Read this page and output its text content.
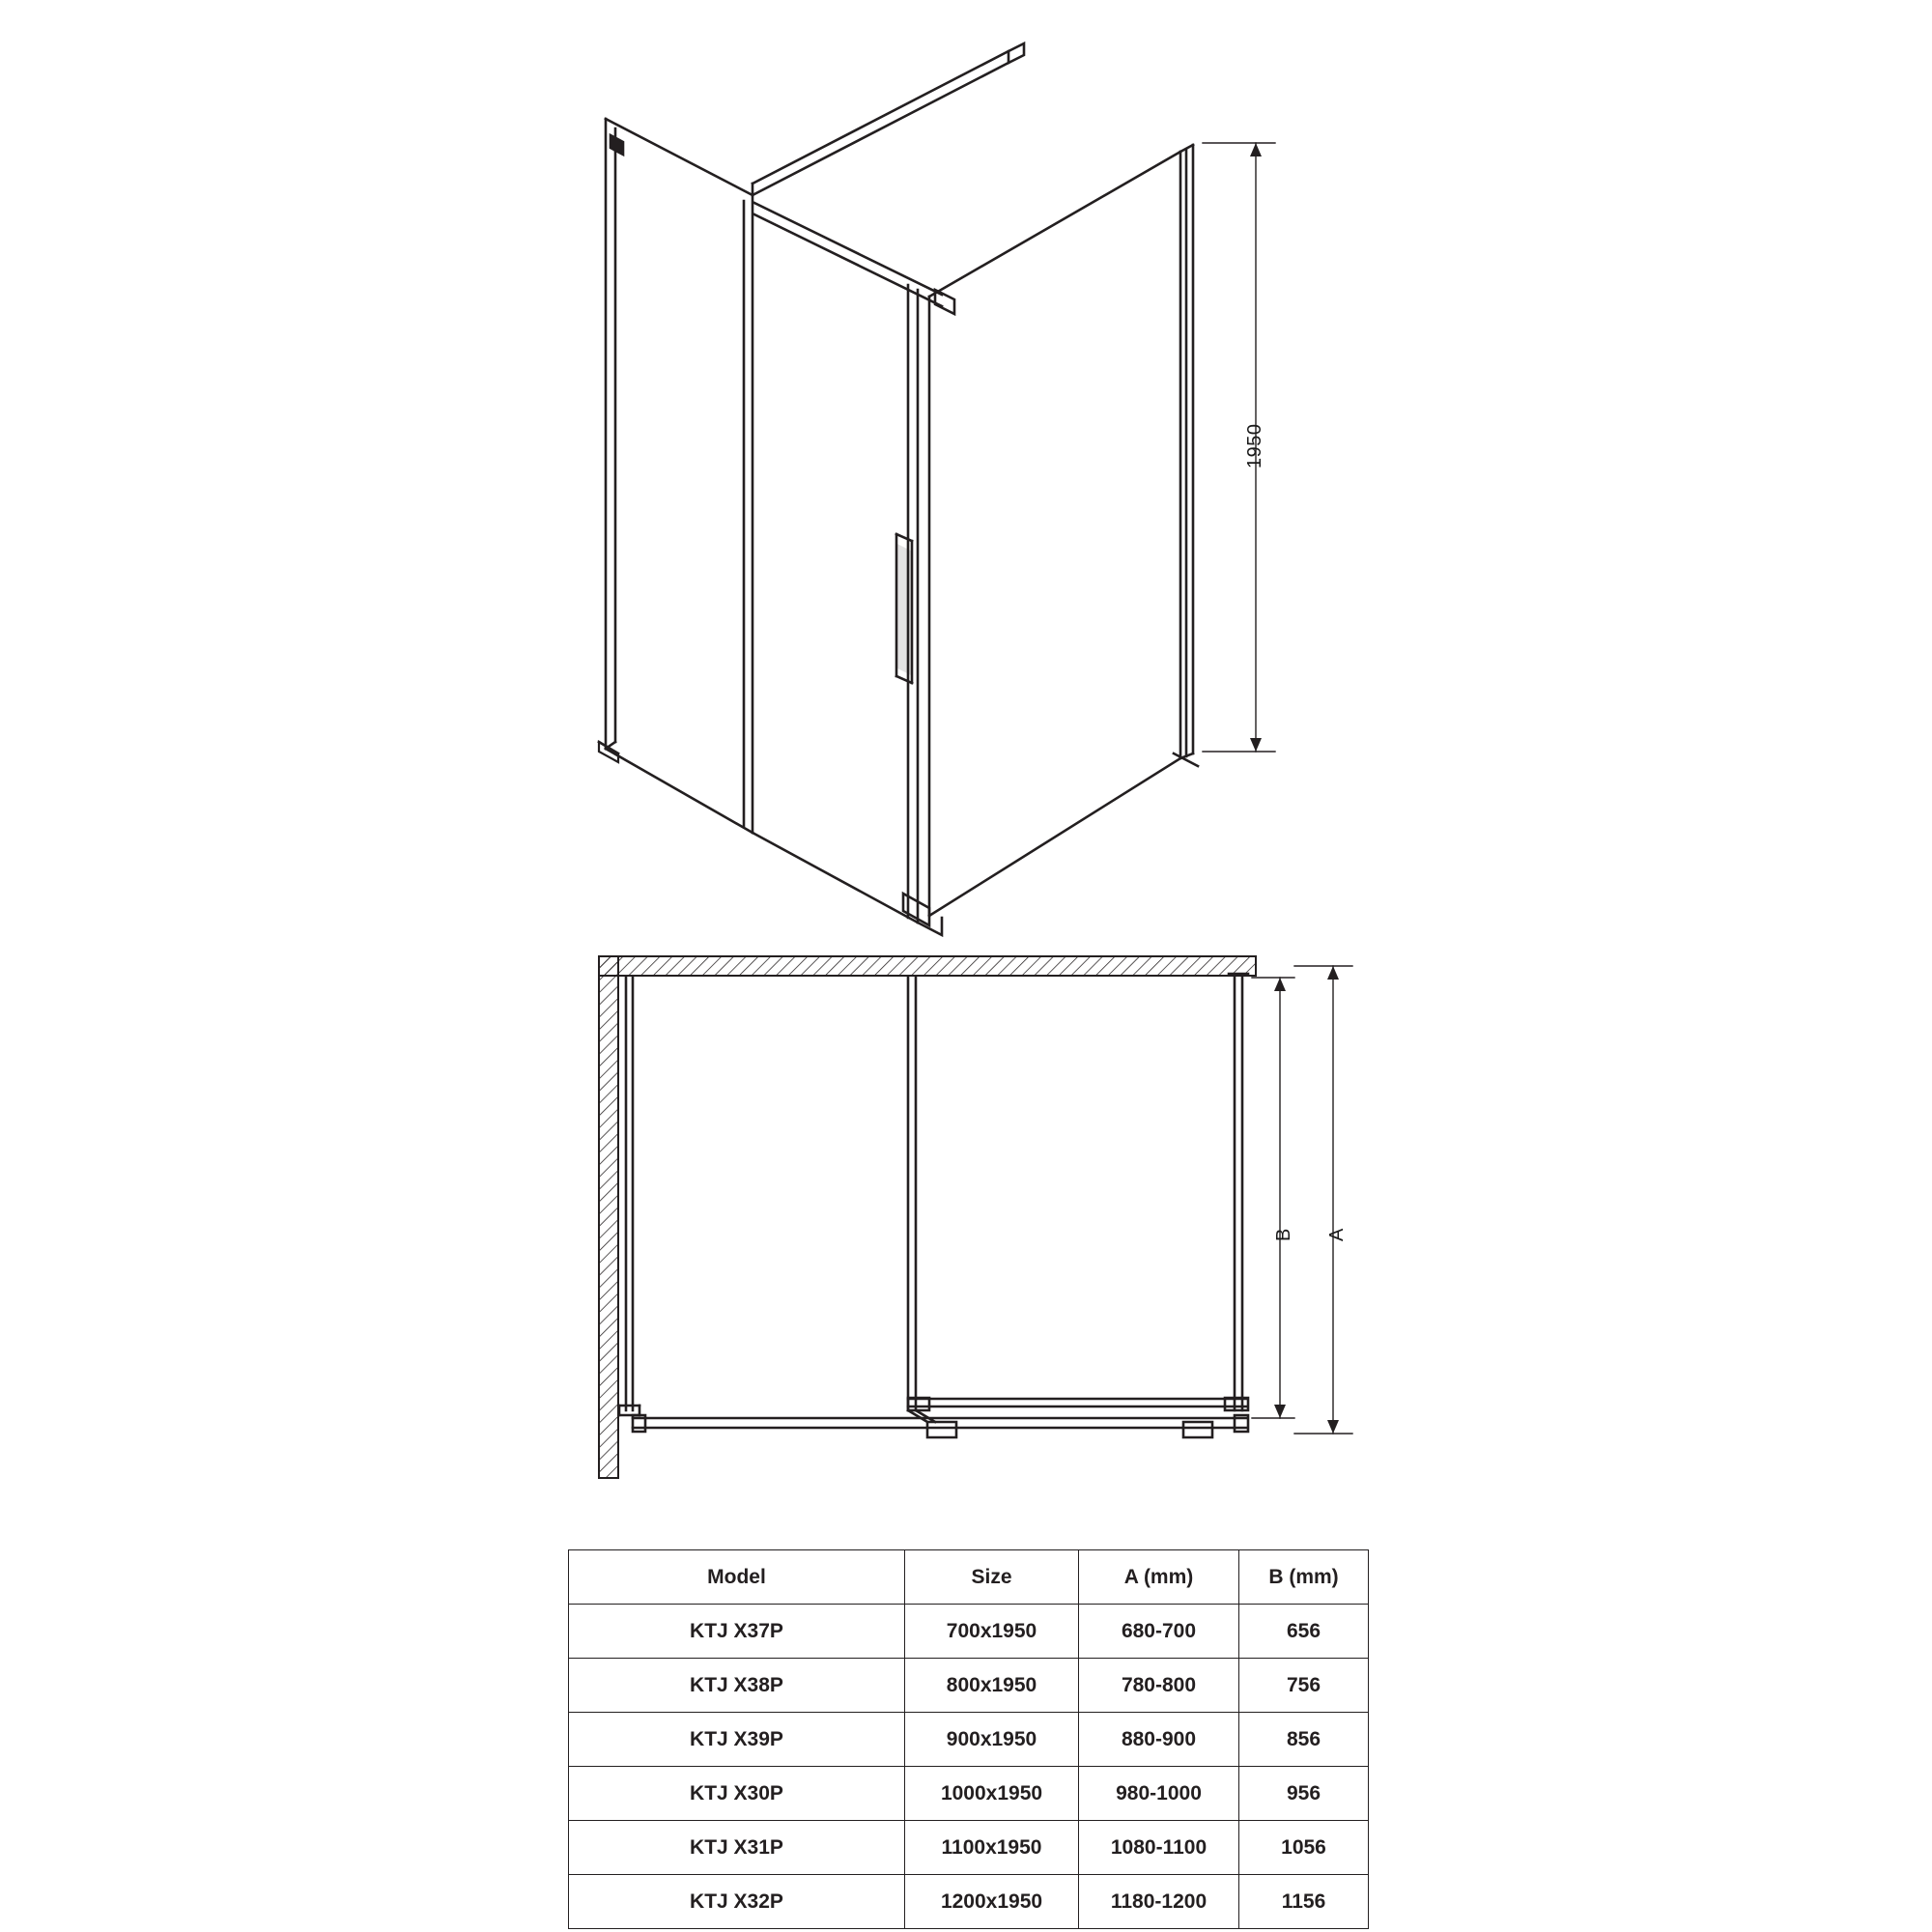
1950
B A
Model	Size	A (mm)	B (mm)
KTJ X37P	700x1950	680-700	656
KTJ X38P	800x1950	780-800	756
KTJ X39P	900x1950	880-900	856
KTJ X30P	1000x1950	980-1000	956
KTJ X31P	1100x1950	1080-1100	1056
KTJ X32P	1200x1950	1180-1200	1156
